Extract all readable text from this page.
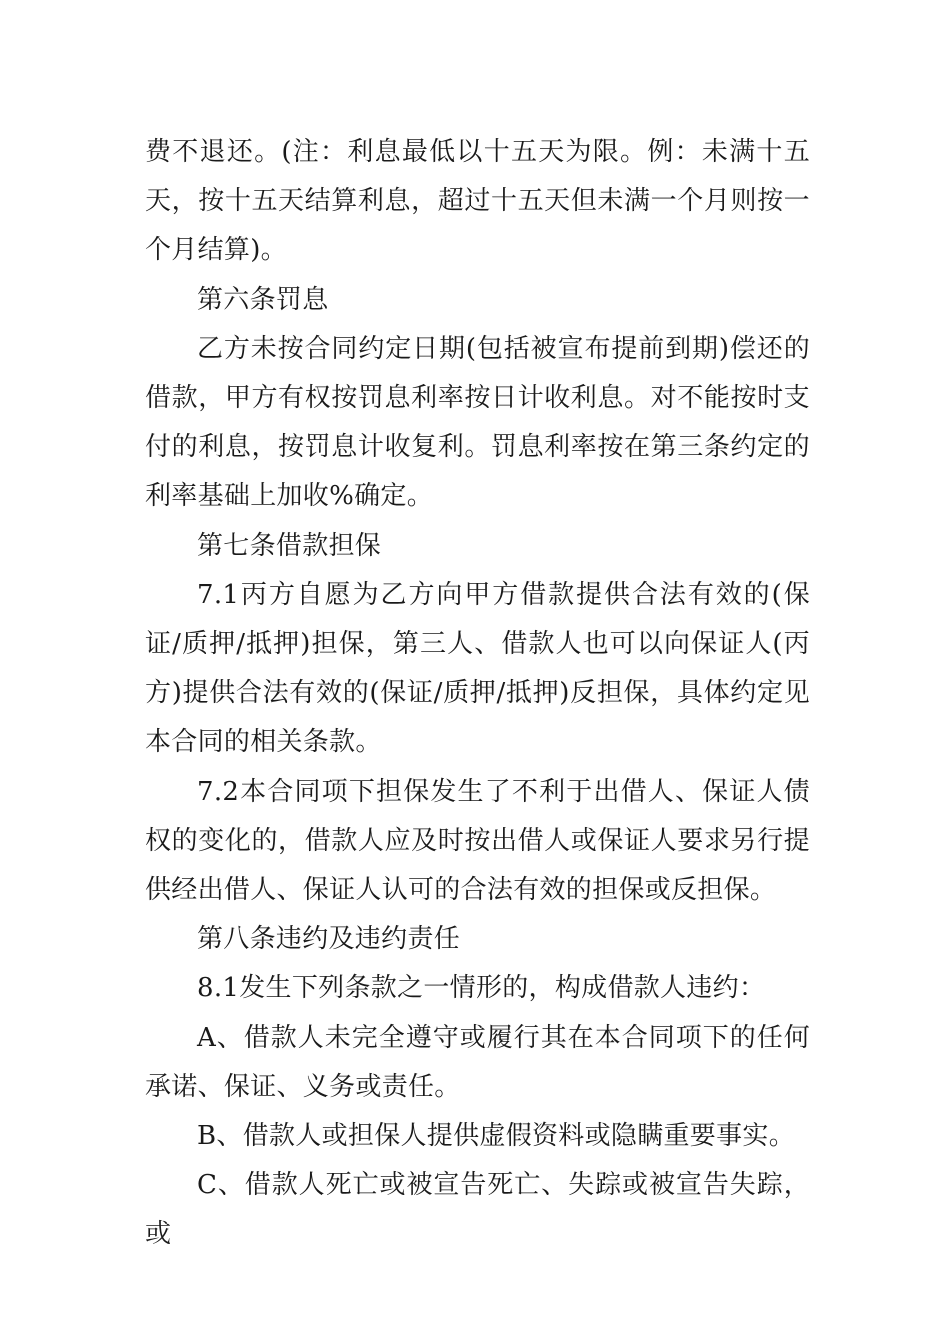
费不退还。(注：利息最低以十五天为限。例：未满十五天，按十五天结算利息，超过十五天但未满一个月则按一个月结算)。

第六条罚息

乙方未按合同约定日期(包括被宣布提前到期)偿还的借款，甲方有权按罚息利率按日计收利息。对不能按时支付的利息，按罚息计收复利。罚息利率按在第三条约定的利率基础上加收%确定。

第七条借款担保

7.1丙方自愿为乙方向甲方借款提供合法有效的(保证/质押/抵押)担保，第三人、借款人也可以向保证人(丙方)提供合法有效的(保证/质押/抵押)反担保，具体约定见本合同的相关条款。

7.2本合同项下担保发生了不利于出借人、保证人债权的变化的，借款人应及时按出借人或保证人要求另行提供经出借人、保证人认可的合法有效的担保或反担保。

第八条违约及违约责任

8.1发生下列条款之一情形的，构成借款人违约：

A、借款人未完全遵守或履行其在本合同项下的任何承诺、保证、义务或责任。

B、借款人或担保人提供虚假资料或隐瞒重要事实。

C、借款人死亡或被宣告死亡、失踪或被宣告失踪，或
